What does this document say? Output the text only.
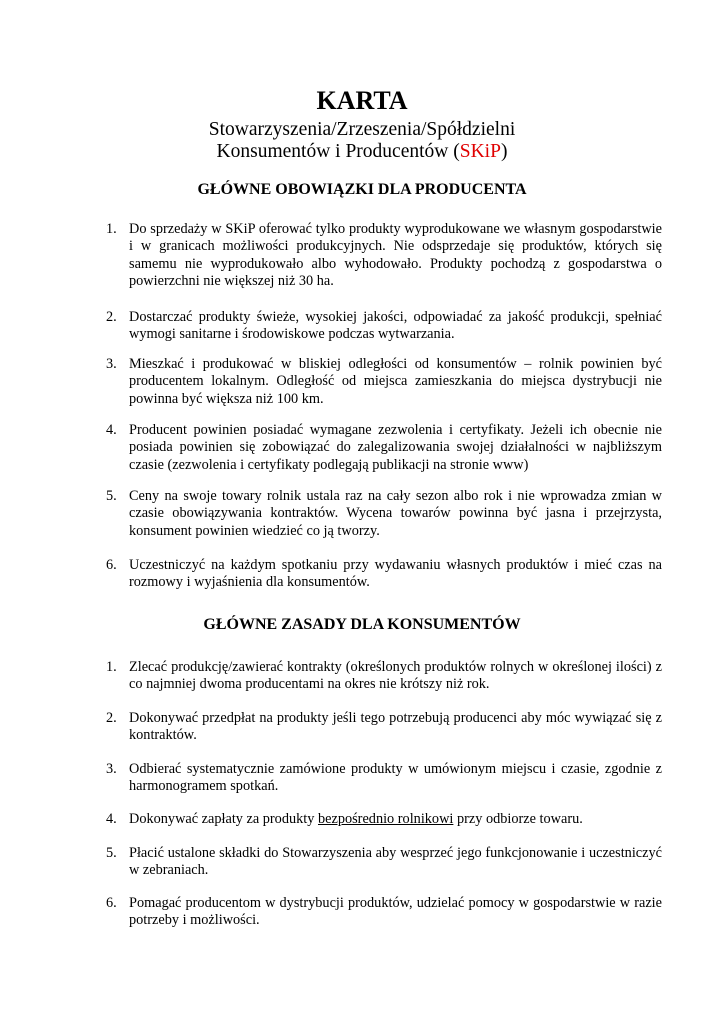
KARTA
Stowarzyszenia/Zrzeszenia/Spółdzielni
Konsumentów i Producentów (SKiP)
GŁÓWNE OBOWIĄZKI DLA PRODUCENTA
1. Do sprzedaży w SKiP oferować tylko produkty wyprodukowane we własnym gospodarstwie i w granicach możliwości produkcyjnych. Nie odsprzedaje się produktów, których się samemu nie wyprodukowało albo wyhodowało. Produkty pochodzą z gospodarstwa o powierzchni nie większej niż 30 ha.
2. Dostarczać produkty świeże, wysokiej jakości, odpowiadać za jakość produkcji, spełniać wymogi sanitarne i środowiskowe podczas wytwarzania.
3. Mieszkać i produkować w bliskiej odległości od konsumentów – rolnik powinien być producentem lokalnym. Odległość od miejsca zamieszkania do miejsca dystrybucji nie powinna być większa niż 100 km.
4. Producent powinien posiadać wymagane zezwolenia i certyfikaty. Jeżeli ich obecnie nie posiada powinien się zobowiązać do zalegalizowania swojej działalności w najbliższym czasie (zezwolenia i certyfikaty podlegają publikacji na stronie www)
5. Ceny na swoje towary rolnik ustala raz na cały sezon albo rok i nie wprowadza zmian w czasie obowiązywania kontraktów. Wycena towarów powinna być jasna i przejrzysta, konsument powinien wiedzieć co ją tworzy.
6. Uczestniczyć na każdym spotkaniu przy wydawaniu własnych produktów i mieć czas na rozmowy i wyjaśnienia dla konsumentów.
GŁÓWNE ZASADY DLA KONSUMENTÓW
1. Zlecać produkcję/zawierać kontrakty (określonych produktów rolnych w określonej ilości) z co najmniej dwoma producentami na okres nie krótszy niż rok.
2. Dokonywać przedpłat na produkty jeśli tego potrzebują producenci aby móc wywiązać się z kontraktów.
3. Odbierać systematycznie zamówione produkty w umówionym miejscu i czasie, zgodnie z harmonogramem spotkań.
4. Dokonywać zapłaty za produkty bezpośrednio rolnikowi przy odbiorze towaru.
5. Płacić ustalone składki do Stowarzyszenia aby wesprzeć jego funkcjonowanie i uczestniczyć w zebraniach.
6. Pomagać producentom w dystrybucji produktów, udzielać pomocy w gospodarstwie w razie potrzeby i możliwości.
